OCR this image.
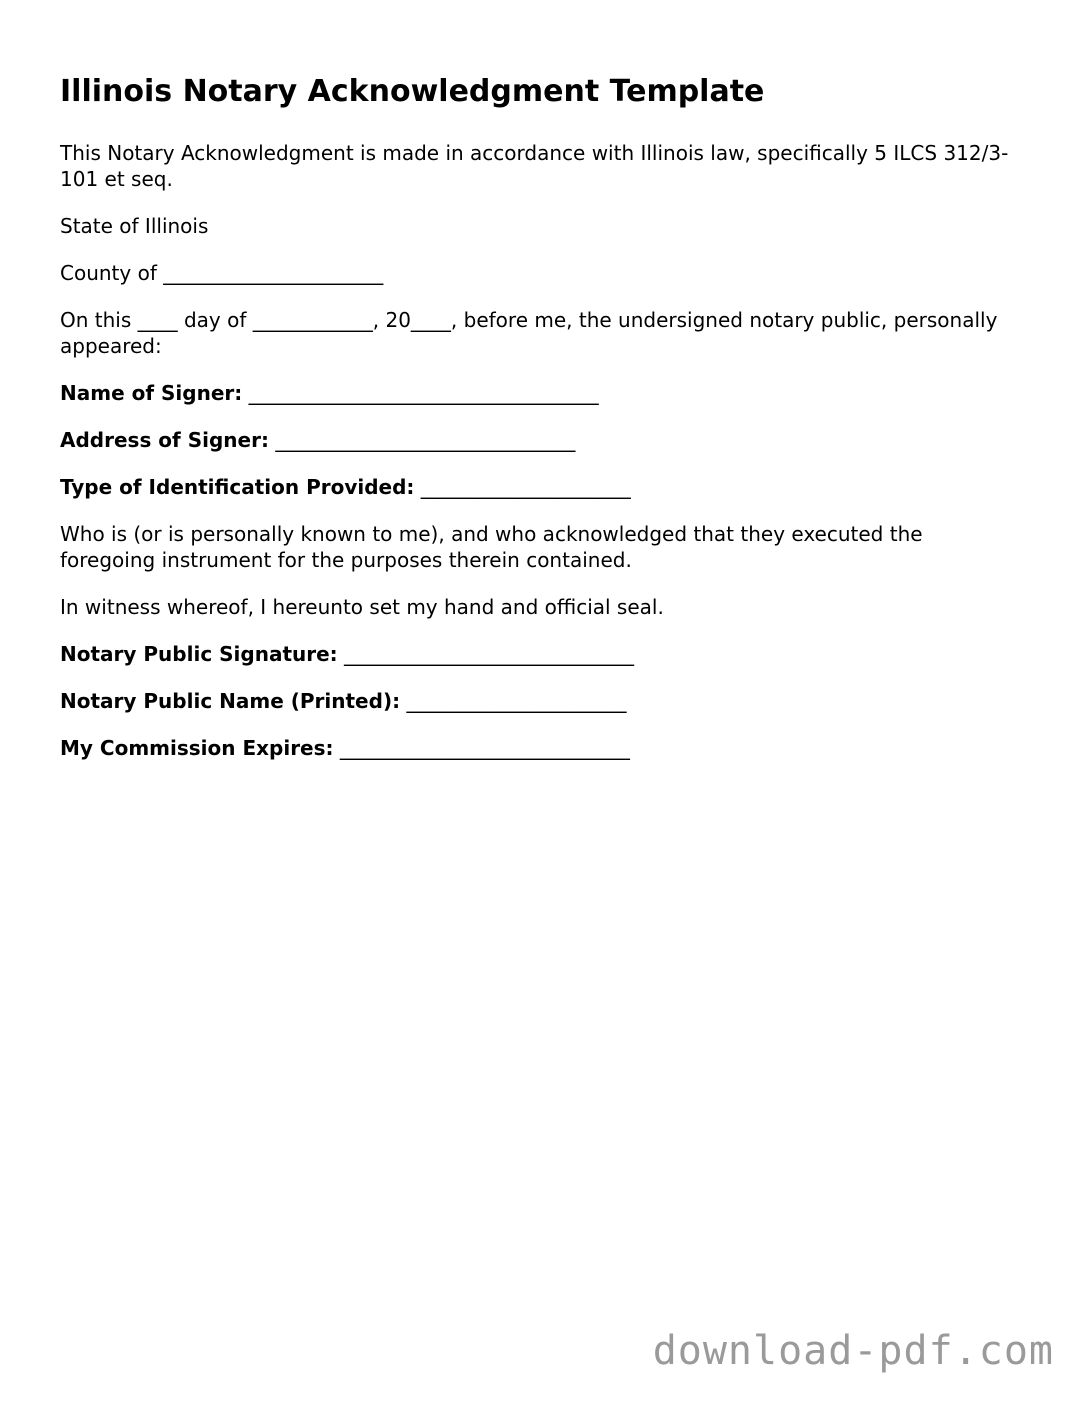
Illinois Notary Acknowledgment Template

This Notary Acknowledgment is made in accordance with Illinois law, specifically 5 ILCS 312/3-101 et seq.

State of Illinois

County of ______________________

On this ____ day of ____________, 20____, before me, the undersigned notary public, personally appeared:

Name of Signer: ___________________________________

Address of Signer: ______________________________

Type of Identification Provided: _____________________

Who is (or is personally known to me), and who acknowledged that they executed the foregoing instrument for the purposes therein contained.

In witness whereof, I hereunto set my hand and official seal.

Notary Public Signature: _____________________________

Notary Public Name (Printed): ______________________

My Commission Expires: _____________________________

download-pdf.com
